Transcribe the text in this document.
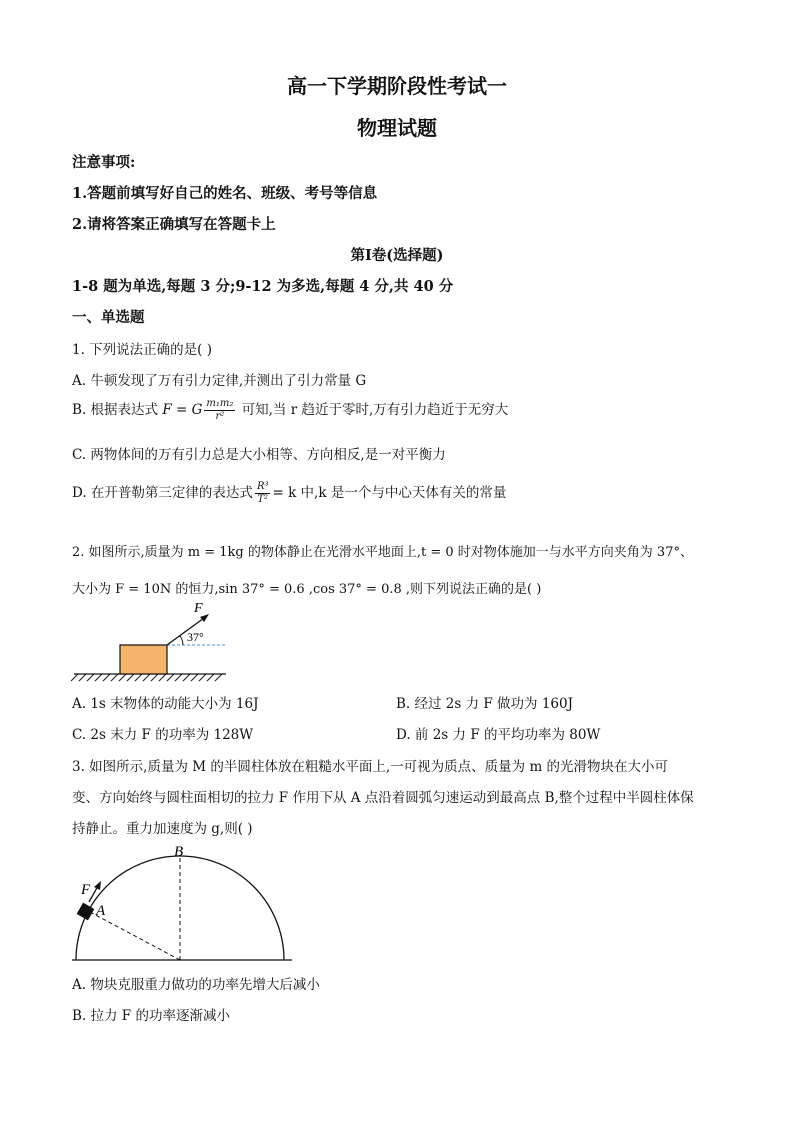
高一下学期阶段性考试一
物理试题
注意事项:
1.答题前填写好自己的姓名、班级、考号等信息
2.请将答案正确填写在答题卡上
第Ⅰ卷(选择题)
1-8 题为单选,每题 3 分;9-12 为多选,每题 4 分,共 40 分
一、单选题
1. 下列说法正确的是( )
A. 牛顿发现了万有引力定律,并测出了引力常量 G
B. 根据表达式 F = G $\frac{\text{m₁m₂}}{\text{r²}}$ 可知,当 r 趋近于零时,万有引力趋近于无穷大
C. 两物体间的万有引力总是大小相等、方向相反,是一对平衡力
D. 在开普勒第三定律的表达式 $\frac{\text{R³}}{\text{T²}} = k$ 中,k 是一个与中心天体有关的常量
2. 如图所示,质量为 m = 1kg 的物体静止在光滑水平地面上,t = 0 时对物体施加一与水平方向夹角为 37°、
大小为 F = 10N 的恒力,sin 37° = 0.6 ,cos 37° = 0.8 ,则下列说法正确的是( )
F
37°
A. 1s 末物体的动能大小为 16J	B. 经过 2s 力 F 做功为 160J
C. 2s 末力 F 的功率为 128W	D. 前 2s 力 F 的平均功率为 80W
3. 如图所示,质量为 M 的半圆柱体放在粗糙水平面上,一可视为质点、质量为 m 的光滑物块在大小可
变、方向始终与圆柱面相切的拉力 F 作用下从 A 点沿着圆弧匀速运动到最高点 B,整个过程中半圆柱体保
持静止。重力加速度为 g,则( )
B
A
F
A. 物块克服重力做功的功率先增大后减小
B. 拉力 F 的功率逐渐减小
